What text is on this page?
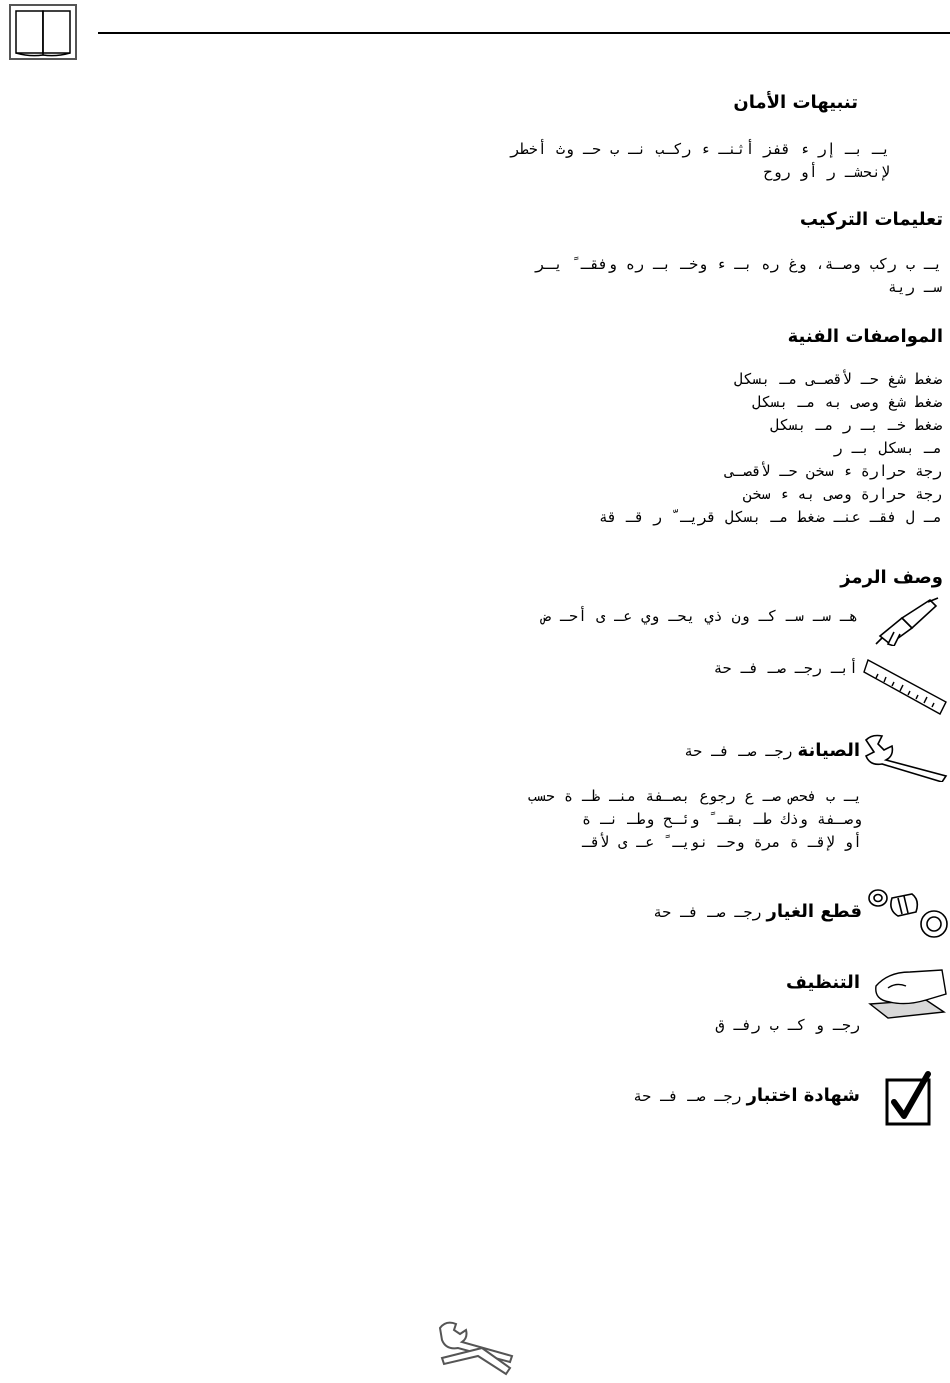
تنبيهات الأمان
يـ بـ إر ء قفز أثنـ ء ركـب نـ ب حـ وث أخطر
لإنحشـ ر أو روح
تعليمات التركيب
يـ ب ركب وصـة، وغ ره بـ ء وخـ بـ ره وفقـ ً يـر
سـ رية
المواصفات الفنية
ضغط شغ حـ لأقصـى مـ بسكل
ضغط شغ وصى به مـ بسكل
ضغط خـ بـ ر مـ بسكل
مـ بسكل بـ ر
رجة حرارة ء سخن حـ لأقصـى
رجة حرارة وصى به ء سخن
مـ ل فقـ عنـ ضغط مـ بسكل قريـ ّ ر قـ قة
وصف الرمز
هـ سـ سـ كـ ون ذي يحـ وي عـ ى أحـ ض
أبـ رجـ صـ فـ حة
الصيانة رجـ صـ فـ حة
يـ ب فحص صـ ع رجوع بصـفة منـ ظـ ة حسب
وصـفة وذك طـ بقـ ً وئـح وطـ نـ ة
أو لإقـ ة مرة وحـ نويـ ً عـ ى لأقـ
قطع الغيار رجـ صـ فـ حة
التنظيف
رجـ و كـ ب رفـ ق
شهادة اختبار رجـ صـ فـ حة
